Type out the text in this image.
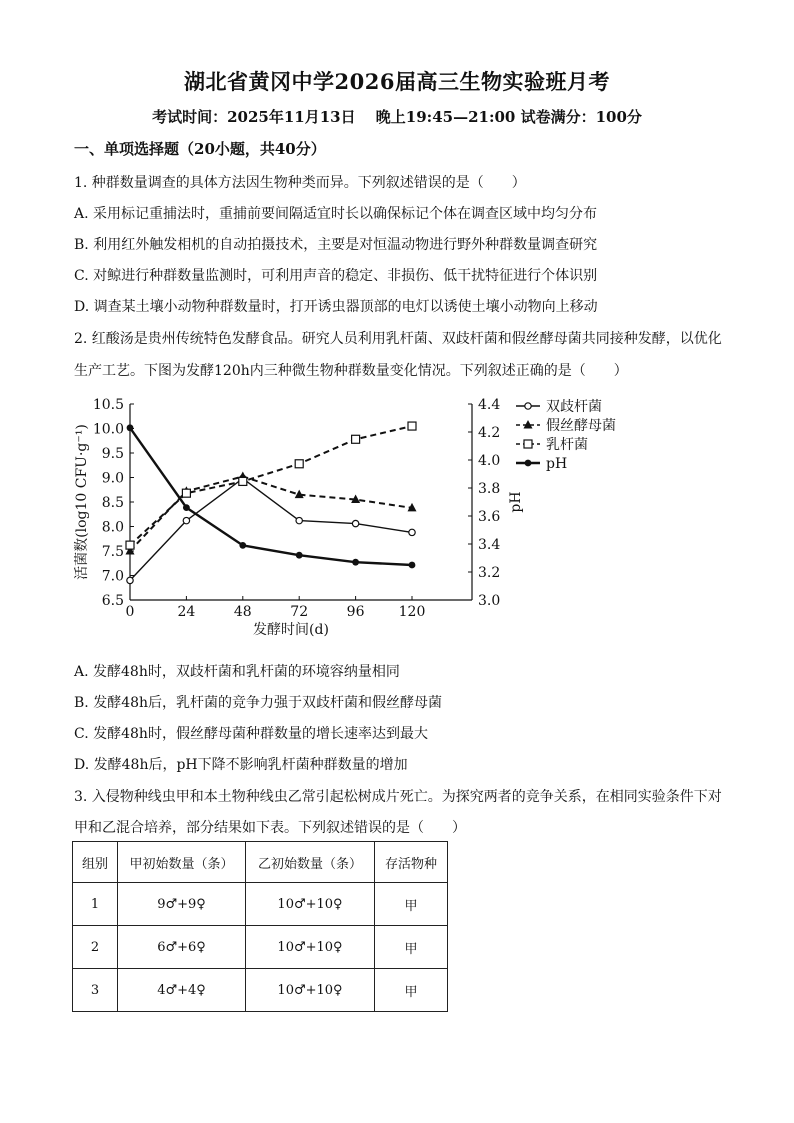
湖北省黄冈中学2026届高三生物实验班月考
考试时间：2025年11月13日　 晚上19:45—21:00 试卷满分：100分
一、单项选择题（20小题，共40分）
1. 种群数量调查的具体方法因生物种类而异。下列叙述错误的是（　　）
A. 采用标记重捕法时，重捕前要间隔适宜时长以确保标记个体在调查区域中均匀分布
B. 利用红外触发相机的自动拍摄技术，主要是对恒温动物进行野外种群数量调查研究
C. 对鲸进行种群数量监测时，可利用声音的稳定、非损伤、低干扰特征进行个体识别
D. 调查某土壤小动物种群数量时，打开诱虫器顶部的电灯以诱使土壤小动物向上移动
2. 红酸汤是贵州传统特色发酵食品。研究人员利用乳杆菌、双歧杆菌和假丝酵母菌共同接种发酵，以优化
生产工艺。下图为发酵120h内三种微生物种群数量变化情况。下列叙述正确的是（　　）
6.5
7.0
7.5
8.0
8.5
9.0
9.5
10.0
10.5
3.0
3.2
3.4
3.6
3.8
4.0
4.2
4.4
0	24	48	72	96 120
发酵时间(d)
活菌数(log10 CFU·g⁻¹)	pH
双歧杆菌
假丝酵母菌
乳杆菌
pH
A. 发酵48h时，双歧杆菌和乳杆菌的环境容纳量相同
B. 发酵48h后，乳杆菌的竞争力强于双歧杆菌和假丝酵母菌
C. 发酵48h时，假丝酵母菌种群数量的增长速率达到最大
D. 发酵48h后，pH下降不影响乳杆菌种群数量的增加
3. 入侵物种线虫甲和本土物种线虫乙常引起松树成片死亡。为探究两者的竞争关系，在相同实验条件下对
甲和乙混合培养，部分结果如下表。下列叙述错误的是（　　）
组别	甲初始数量（条）	乙初始数量（条）	存活物种
1	9♂+9♀	10♂+10♀	甲
2	6♂+6♀	10♂+10♀	甲
3	4♂+4♀	10♂+10♀	甲
